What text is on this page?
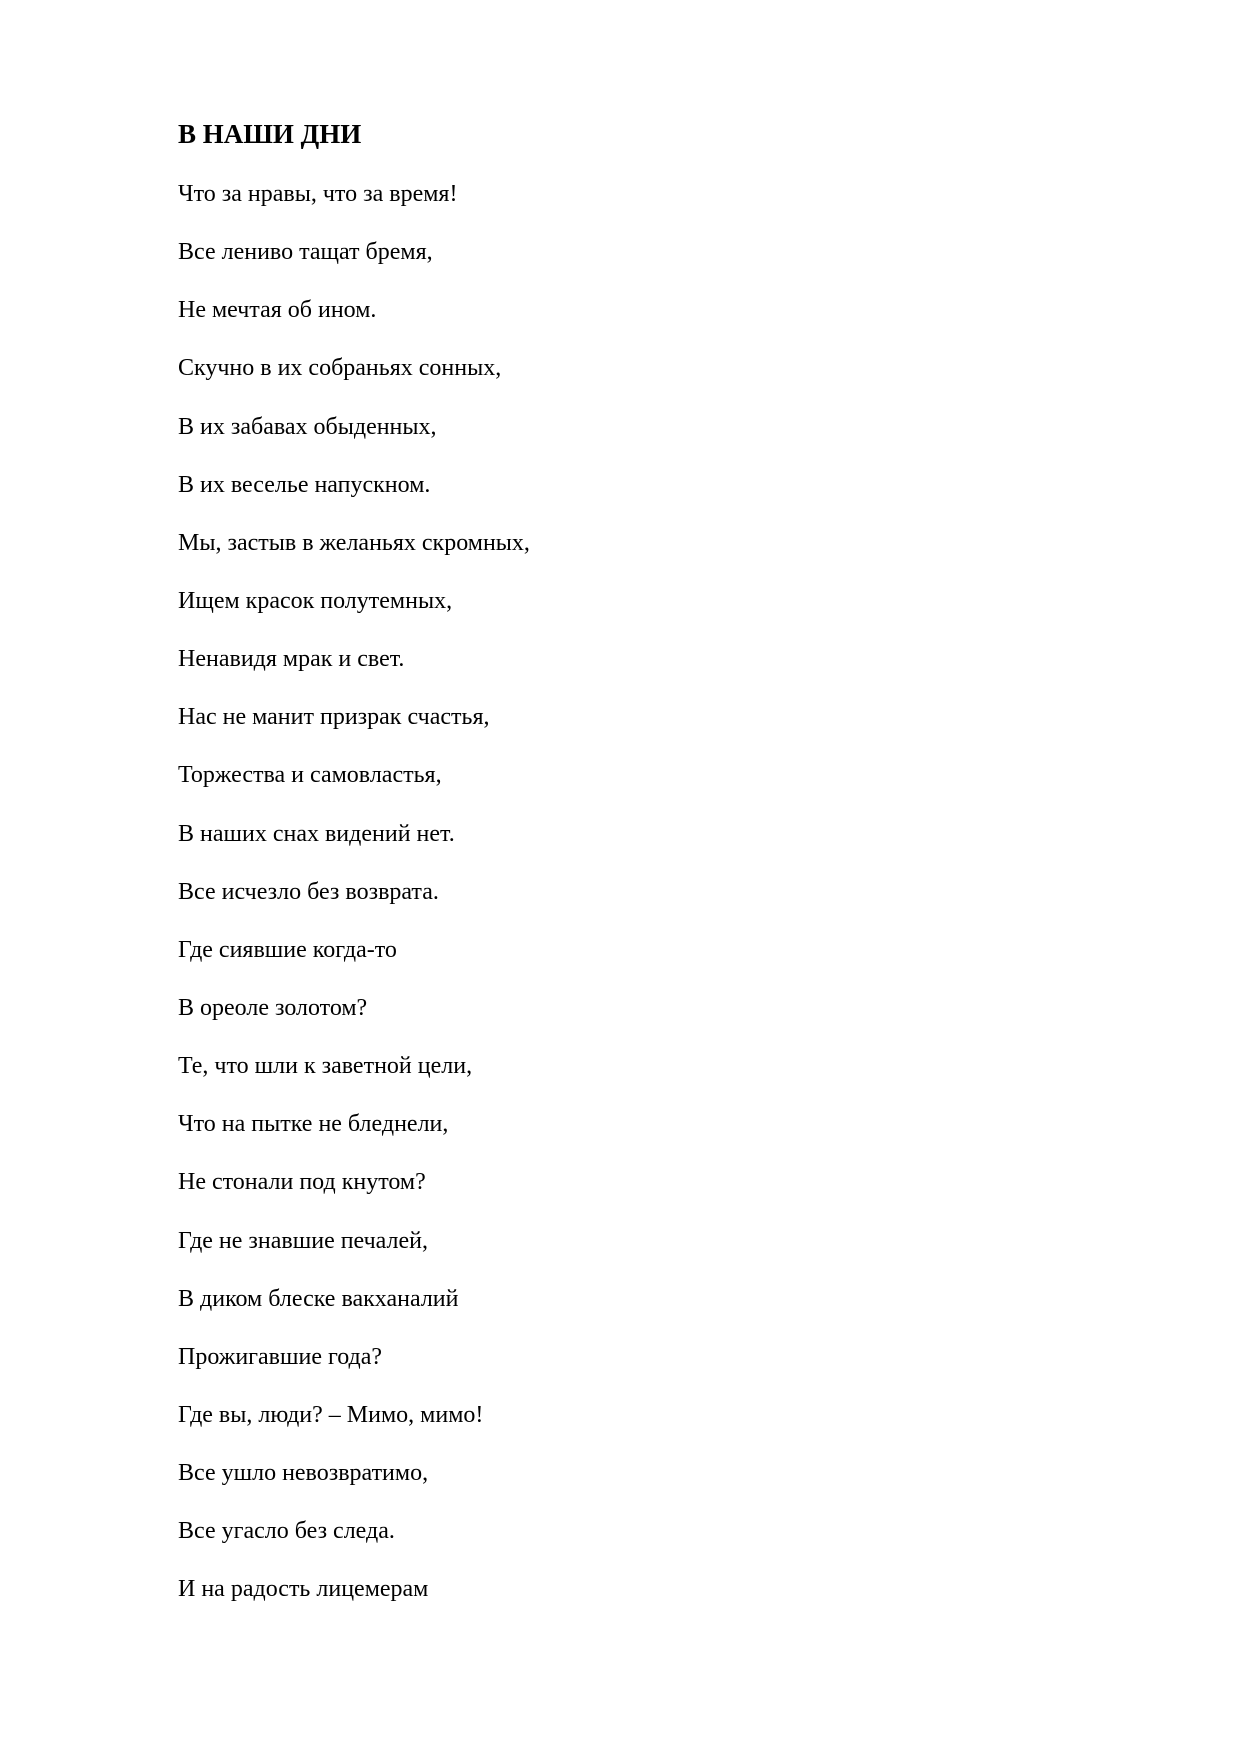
В НАШИ ДНИ
Что за нравы, что за время!
Все лениво тащат бремя,
Не мечтая об ином.
Скучно в их собраньях сонных,
В их забавах обыденных,
В их веселье напускном.
Мы, застыв в желаньях скромных,
Ищем красок полутемных,
Ненавидя мрак и свет.
Нас не манит призрак счастья,
Торжества и самовластья,
В наших снах видений нет.
Все исчезло без возврата.
Где сиявшие когда-то
В ореоле золотом?
Те, что шли к заветной цели,
Что на пытке не бледнели,
Не стонали под кнутом?
Где не знавшие печалей,
В диком блеске вакханалий
Прожигавшие года?
Где вы, люди? – Мимо, мимо!
Все ушло невозвратимо,
Все угасло без следа.
И на радость лицемерам
